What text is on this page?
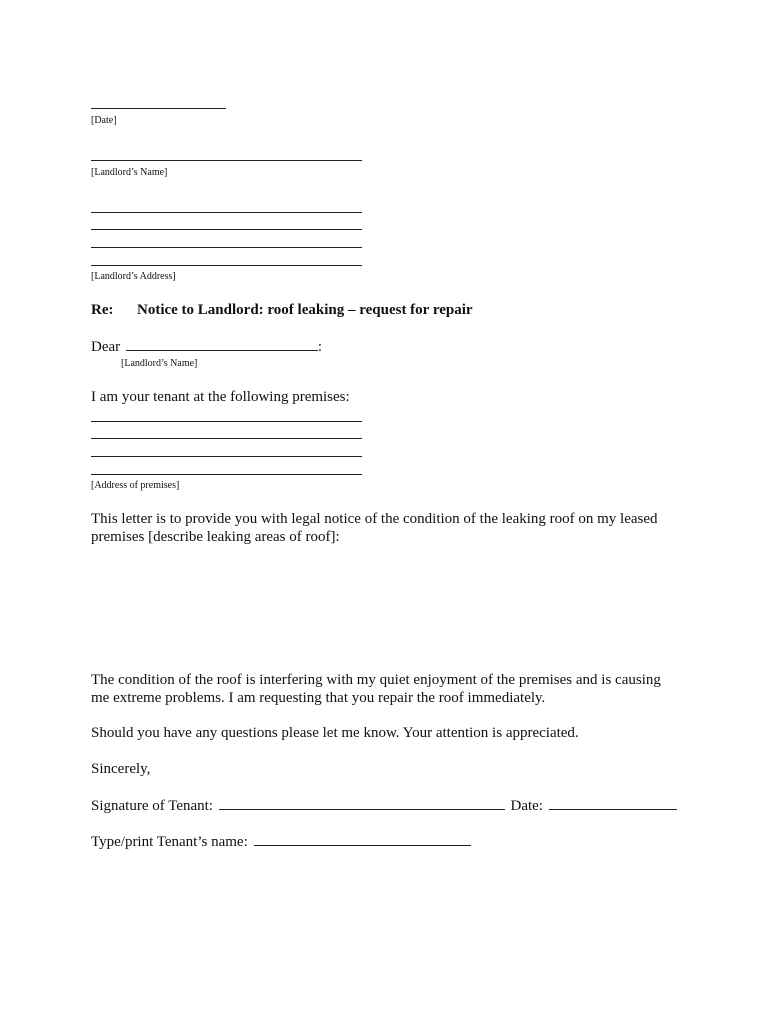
[Date]
[Landlord’s Name]
[Landlord’s Address]
Re: Notice to Landlord: roof leaking – request for repair
Dear	:
[Landlord’s Name]
I am your tenant at the following premises:
[Address of premises]
This letter is to provide you with legal notice of the condition of the leaking roof on my leased
premises [describe leaking areas of roof]:
The condition of the roof is interfering with my quiet enjoyment of the premises and is causing
me extreme problems. I am requesting that you repair the roof immediately.
Should you have any questions please let me know. Your attention is appreciated.
Sincerely,
Signature of Tenant:	Date:
Type/print Tenant’s name:
